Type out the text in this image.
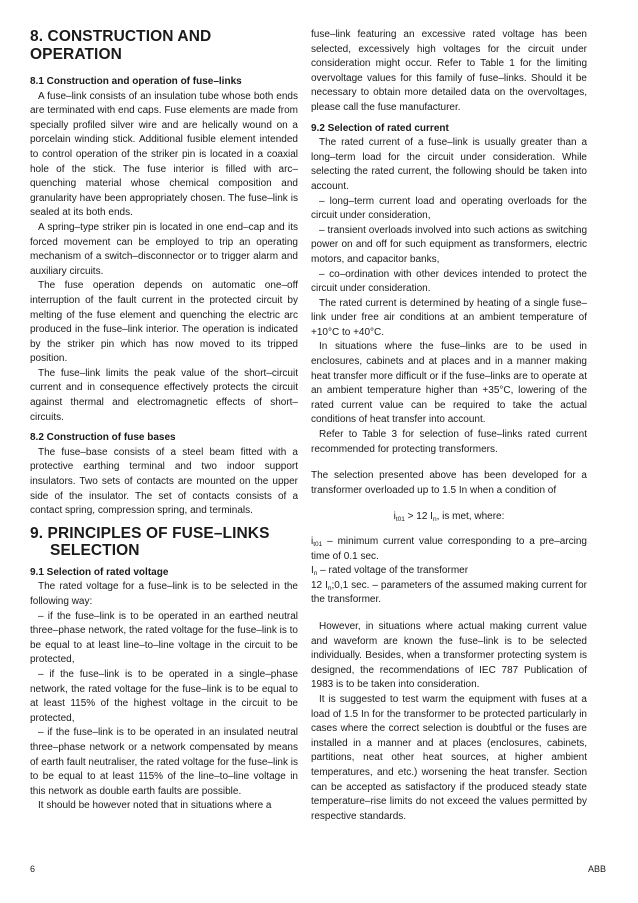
8. CONSTRUCTION AND
OPERATION
8.1 Construction and operation of fuse–links

A fuse–link consists of an insulation tube whose both ends are terminated with end caps. Fuse elements are made from specially profiled silver wire and are helically wound on a porcelain winding stick. Additional fusible element intended to control operation of the striker pin is located in a coaxial hole of the stick. The fuse interior is filled with arc–quenching material whose chemical composition and granularity have been appropriately chosen. The fuse–link is sealed at its both ends.

A spring–type striker pin is located in one end–cap and its forced movement can be employed to trip an operating mechanism of a switch–disconnector or to trigger alarm and auxiliary circuits.

The fuse operation depends on automatic one–off interruption of the fault current in the protected circuit by melting of the fuse element and quenching the electric arc produced in the fuse–link interior. The operation is indicated by the striker pin which has now moved to its tripped position.

The fuse–link limits the peak value of the short–circuit current and in consequence effectively protects the circuit against thermal and electromagnetic effects of short–circuits.

8.2 Construction of fuse bases

The fuse–base consists of a steel beam fitted with a protective earthing terminal and two indoor support insulators. Two sets of contacts are mounted on the upper side of the insulator. The set of contacts consists of a contact spring, compression spring, and terminals.

9. PRINCIPLES OF FUSE–LINKS
SELECTION
9.1 Selection of rated voltage

The rated voltage for a fuse–link is to be selected in the following way:

– if the fuse–link is to be operated in an earthed neutral three–phase network, the rated voltage for the fuse–link is to be equal to at least line–to–line voltage in the circuit to be protected,

– if the fuse–link is to be operated in a single–phase network, the rated voltage for the fuse–link is to be equal to at least 115% of the highest voltage in the circuit to be protected,

– if the fuse–link is to be operated in an insulated neutral three–phase network or a network compensated by means of earth fault neutraliser, the rated voltage for the fuse–link is to be equal to at least 115% of the line–to–line voltage in this network as double earth faults are possible.

It should be however noted that in situations where a

fuse–link featuring an excessive rated voltage has been selected, excessively high voltages for the circuit under consideration might occur. Refer to Table 1 for the limiting overvoltage values for this family of fuse–links. Should it be necessary to obtain more detailed data on the overvoltages, please call the fuse manufacturer.

9.2 Selection of rated current

The rated current of a fuse–link is usually greater than a long–term load for the circuit under consideration. While selecting the rated current, the following should be taken into account.

– long–term current load and operating overloads for the circuit under consideration,

– transient overloads involved into such actions as switching power on and off for such equipment as transformers, electric motors, and capacitor banks,

– co–ordination with other devices intended to protect the circuit under consideration.

The rated current is determined by heating of a single fuse–link under free air conditions at an ambient temperature of +10°C to +40°C.

In situations where the fuse–links are to be used in enclosures, cabinets and at places and in a manner making heat transfer more difficult or if the fuse–links are to operate at an ambient temperature higher than +35°C, lowering of the rated current value can be required to take the actual conditions of heat transfer into account.

Refer to Table 3 for selection of fuse–links rated current recommended for protecting transformers.

The selection presented above has been developed for a transformer overloaded up to 1.5 In when a condition of

$i_{t01} > 12$ $I_n$, is met, where:

$i_{t01}$ – minimum current value corresponding to a pre–arcing time of 0.1 sec.

$I_n$ – rated voltage of the transformer

12 $I_n;0,1$ sec. – parameters of the assumed making current for the transformer.

However, in situations where actual making current value and waveform are known the fuse–link is to be selected individually. Besides, when a transformer protecting system is designed, the recommendations of IEC 787 Publication of 1983 is to be taken into consideration.

It is suggested to test warm the equipment with fuses at a load of 1.5 In for the transformer to be protected particularly in cases where the correct selection is doubtful or the fuses are installed in a manner and at places (enclosures, cabinets, partitions, neat other heat sources, at higher ambient temperatures, and etc.) worsening the heat transfer. Section can be accepted as satisfactory if the produced steady state temperature–rise limits do not exceed the values permitted by respective standards.

6	ABB
